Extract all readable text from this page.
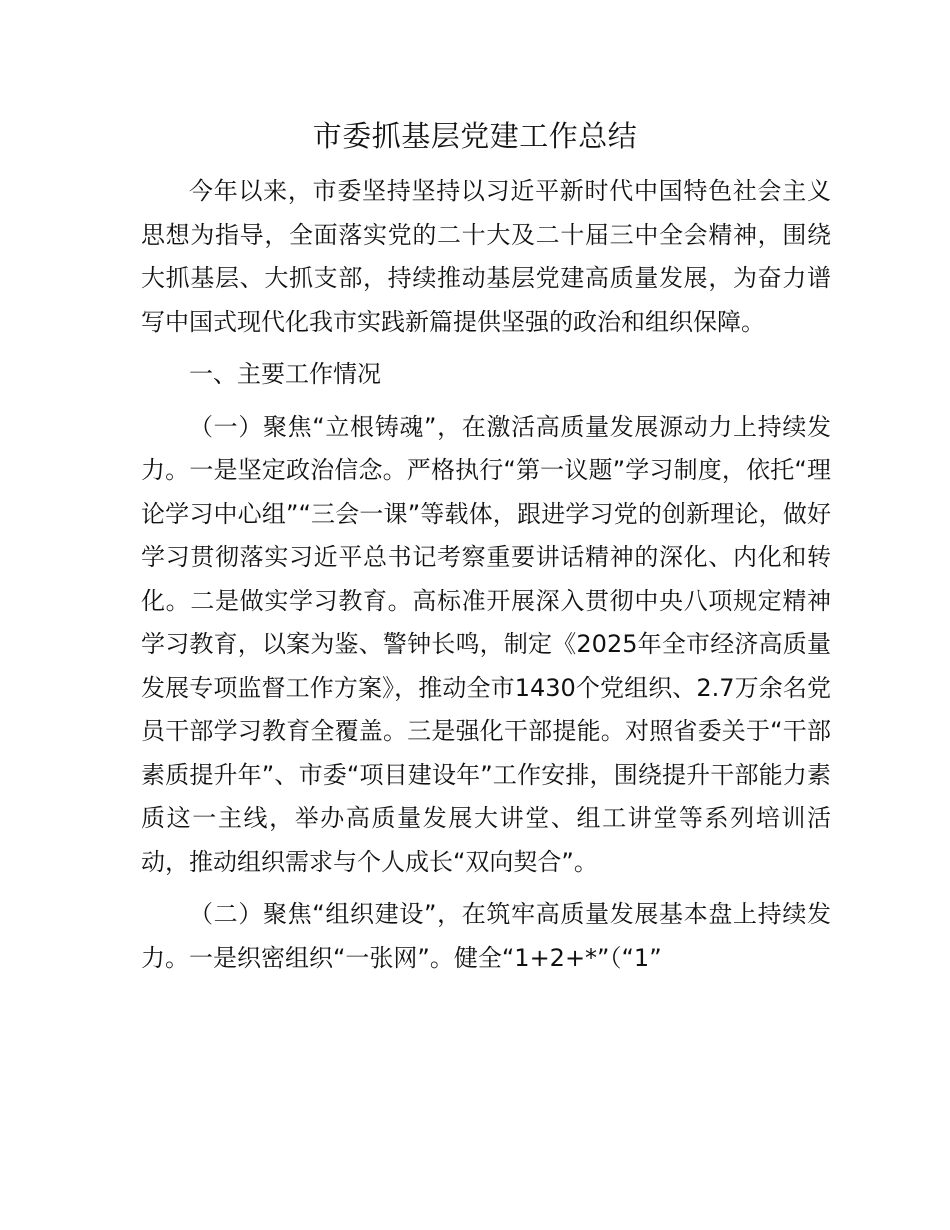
市委抓基层党建工作总结

今年以来，市委坚持坚持以习近平新时代中国特色社会主义思想为指导，全面落实党的二十大及二十届三中全会精神，围绕大抓基层、大抓支部，持续推动基层党建高质量发展，为奋力谱写中国式现代化我市实践新篇提供坚强的政治和组织保障。

一、主要工作情况

（一）聚焦“立根铸魂”，在激活高质量发展源动力上持续发力。一是坚定政治信念。严格执行“第一议题”学习制度，依托“理论学习中心组”“三会一课”等载体，跟进学习党的创新理论，做好学习贯彻落实习近平总书记考察重要讲话精神的深化、内化和转化。二是做实学习教育。高标准开展深入贯彻中央八项规定精神学习教育，以案为鉴、警钟长鸣，制定《2025年全市经济高质量发展专项监督工作方案》，推动全市1430个党组织、2.7万余名党员干部学习教育全覆盖。三是强化干部提能。对照省委关于“干部素质提升年”、市委“项目建设年”工作安排，围绕提升干部能力素质这一主线，举办高质量发展大讲堂、组工讲堂等系列培训活动，推动组织需求与个人成长“双向契合”。

（二）聚焦“组织建设”，在筑牢高质量发展基本盘上持续发力。一是织密组织“一张网”。健全“1+2+*”（“1”
